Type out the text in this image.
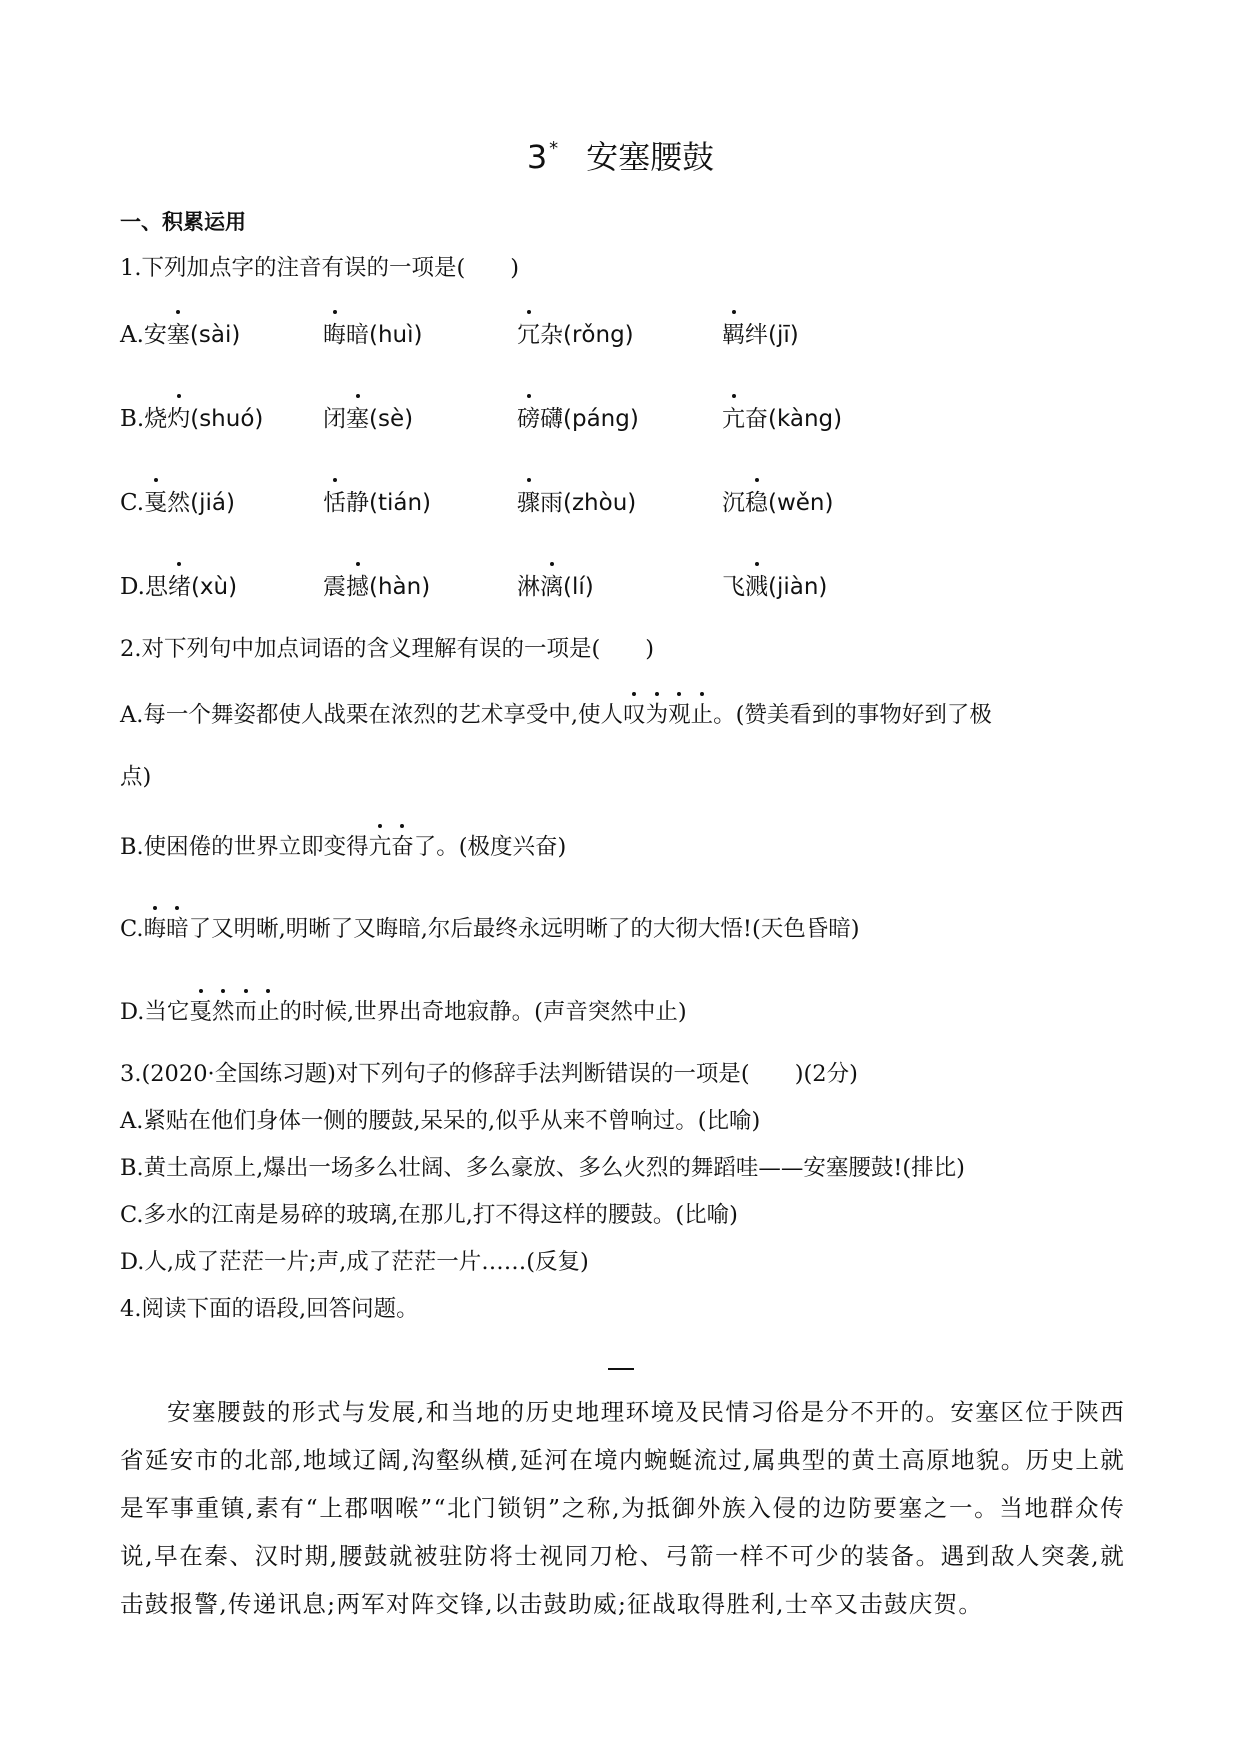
3 * 安塞腰鼓
一、积累运用
1.下列加点字的注音有误的一项是(　　)
A.安塞(sài)	晦暗(huì)	冗杂(rǒng)	羁绊(jī)
B.烧灼(shuó)	闭塞(sè)	磅礴(páng)	亢奋(kàng)
C.戛然(jiá)	恬静(tián)	骤雨(zhòu)	沉稳(wěn)
D.思绪(xù)	震撼(hàn)	淋漓(lí)	飞溅(jiàn)
2.对下列句中加点词语的含义理解有误的一项是(　　)
A.每一个舞姿都使人战栗在浓烈的艺术享受中,使人叹为观止。(赞美看到的事物好到了极
点)
B.使困倦的世界立即变得亢奋了。(极度兴奋)
C.晦暗了又明晰,明晰了又晦暗,尔后最终永远明晰了的大彻大悟!(天色昏暗)
D.当它戛然而止的时候,世界出奇地寂静。(声音突然中止)
3.(2020·全国练习题)对下列句子的修辞手法判断错误的一项是(　　)(2分)
A.紧贴在他们身体一侧的腰鼓,呆呆的,似乎从来不曾响过。(比喻)
B.黄土高原上,爆出一场多么壮阔、多么豪放、多么火烈的舞蹈哇——安塞腰鼓!(排比)
C.多水的江南是易碎的玻璃,在那儿,打不得这样的腰鼓。(比喻)
D.人,成了茫茫一片;声,成了茫茫一片……(反复)
4.阅读下面的语段,回答问题。

安塞腰鼓的形式与发展,和当地的历史地理环境及民情习俗是分不开的。安塞区位于陕西省延安市的北部,地域辽阔,沟壑纵横,延河在境内蜿蜒流过,属典型的黄土高原地貌。历史上就是军事重镇,素有“上郡咽喉”“北门锁钥”之称,为抵御外族入侵的边防要塞之一。当地群众传说,早在秦、汉时期,腰鼓就被驻防将士视同刀枪、弓箭一样不可少的装备。遇到敌人突袭,就击鼓报警,传递讯息;两军对阵交锋,以击鼓助威;征战取得胜利,士卒又击鼓庆贺。
